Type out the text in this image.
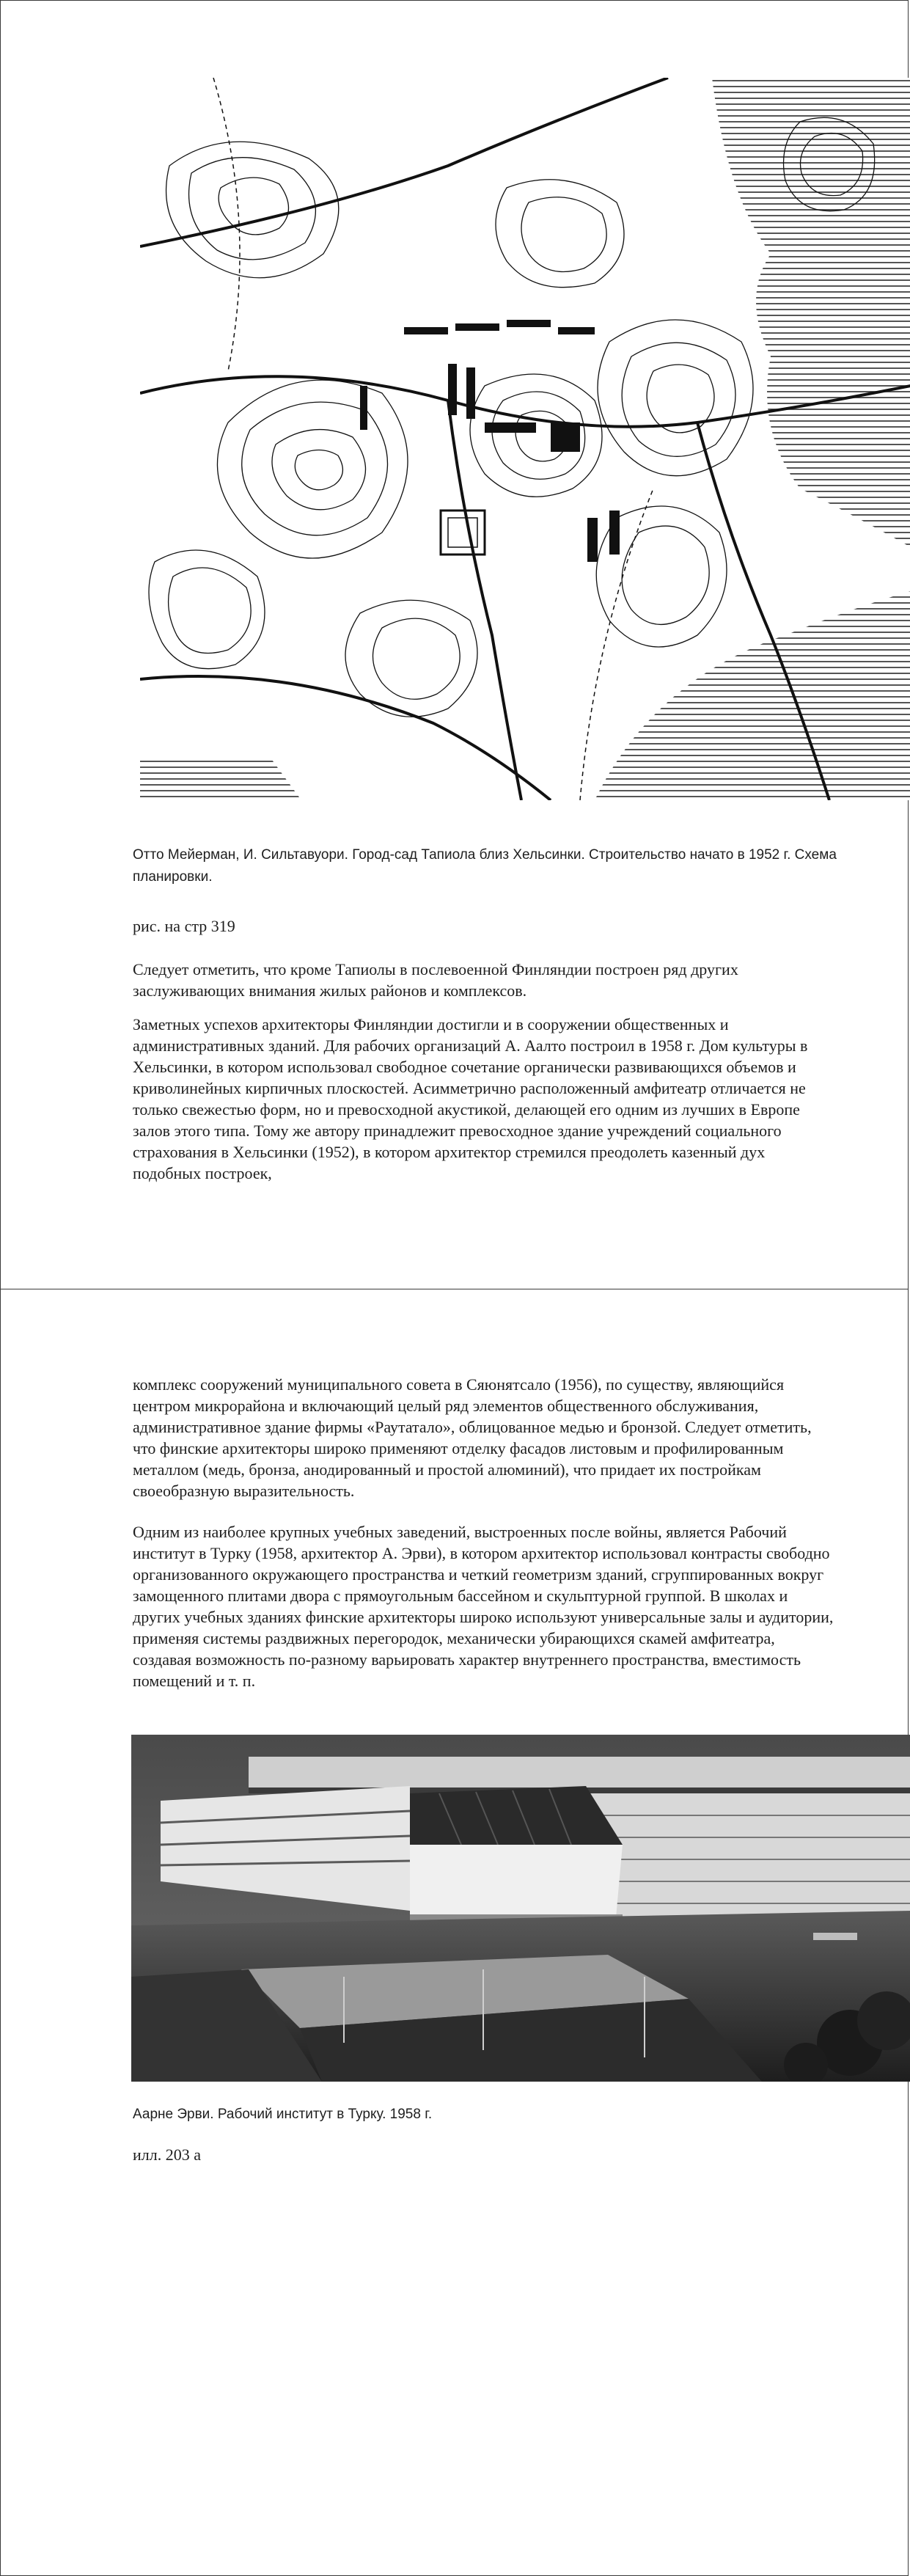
Отто Мейерман, И. Сильтавуори. Город-сад Тапиола близ Хельсинки. Строительство начато в 1952 г. Схема планировки.
рис. на стр 319

Следует отметить, что кроме Тапиолы в послевоенной Финляндии построен ряд других заслуживающих внимания жилых районов и комплексов.

Заметных успехов архитекторы Финляндии достигли и в сооружении общественных и административных зданий. Для рабочих организаций А. Аалто построил в 1958 г. Дом культуры в Хельсинки, в котором использовал свободное сочетание органически развивающихся объемов и криволинейных кирпичных плоскостей. Асимметрично расположенный амфитеатр отличается не только свежестью форм, но и превосходной акустикой, делающей его одним из лучших в Европе залов этого типа. Тому же автору принадлежит превосходное здание учреждений социального страхования в Хельсинки (1952), в котором архитектор стремился преодолеть казенный дух подобных построек,

комплекс сооружений муниципального совета в Сяюнятсало (1956), по существу, являющийся центром микрорайона и включающий целый ряд элементов общественного обслуживания, административное здание фирмы «Раутатало», облицованное медью и бронзой. Следует отметить, что финские архитекторы широко применяют отделку фасадов листовым и профилированным металлом (медь, бронза, анодированный и простой алюминий), что придает их постройкам своеобразную выразительность.

Одним из наиболее крупных учебных заведений, выстроенных после войны, является Рабочий институт в Турку (1958, архитектор А. Эрви), в котором архитектор использовал контрасты свободно организованного окружающего пространства и четкий геометризм зданий, сгруппированных вокруг замощенного плитами двора с прямоугольным бассейном и скульптурной группой. В школах и других учебных зданиях финские архитекторы широко используют универсальные залы и аудитории, применяя системы раздвижных перегородок, механически убирающихся скамей амфитеатра, создавая возможность по-разному варьировать характер внутреннего пространства, вместимость помещений и т. п.

Аарне Эрви. Рабочий институт в Турку. 1958 г.
илл. 203 а
